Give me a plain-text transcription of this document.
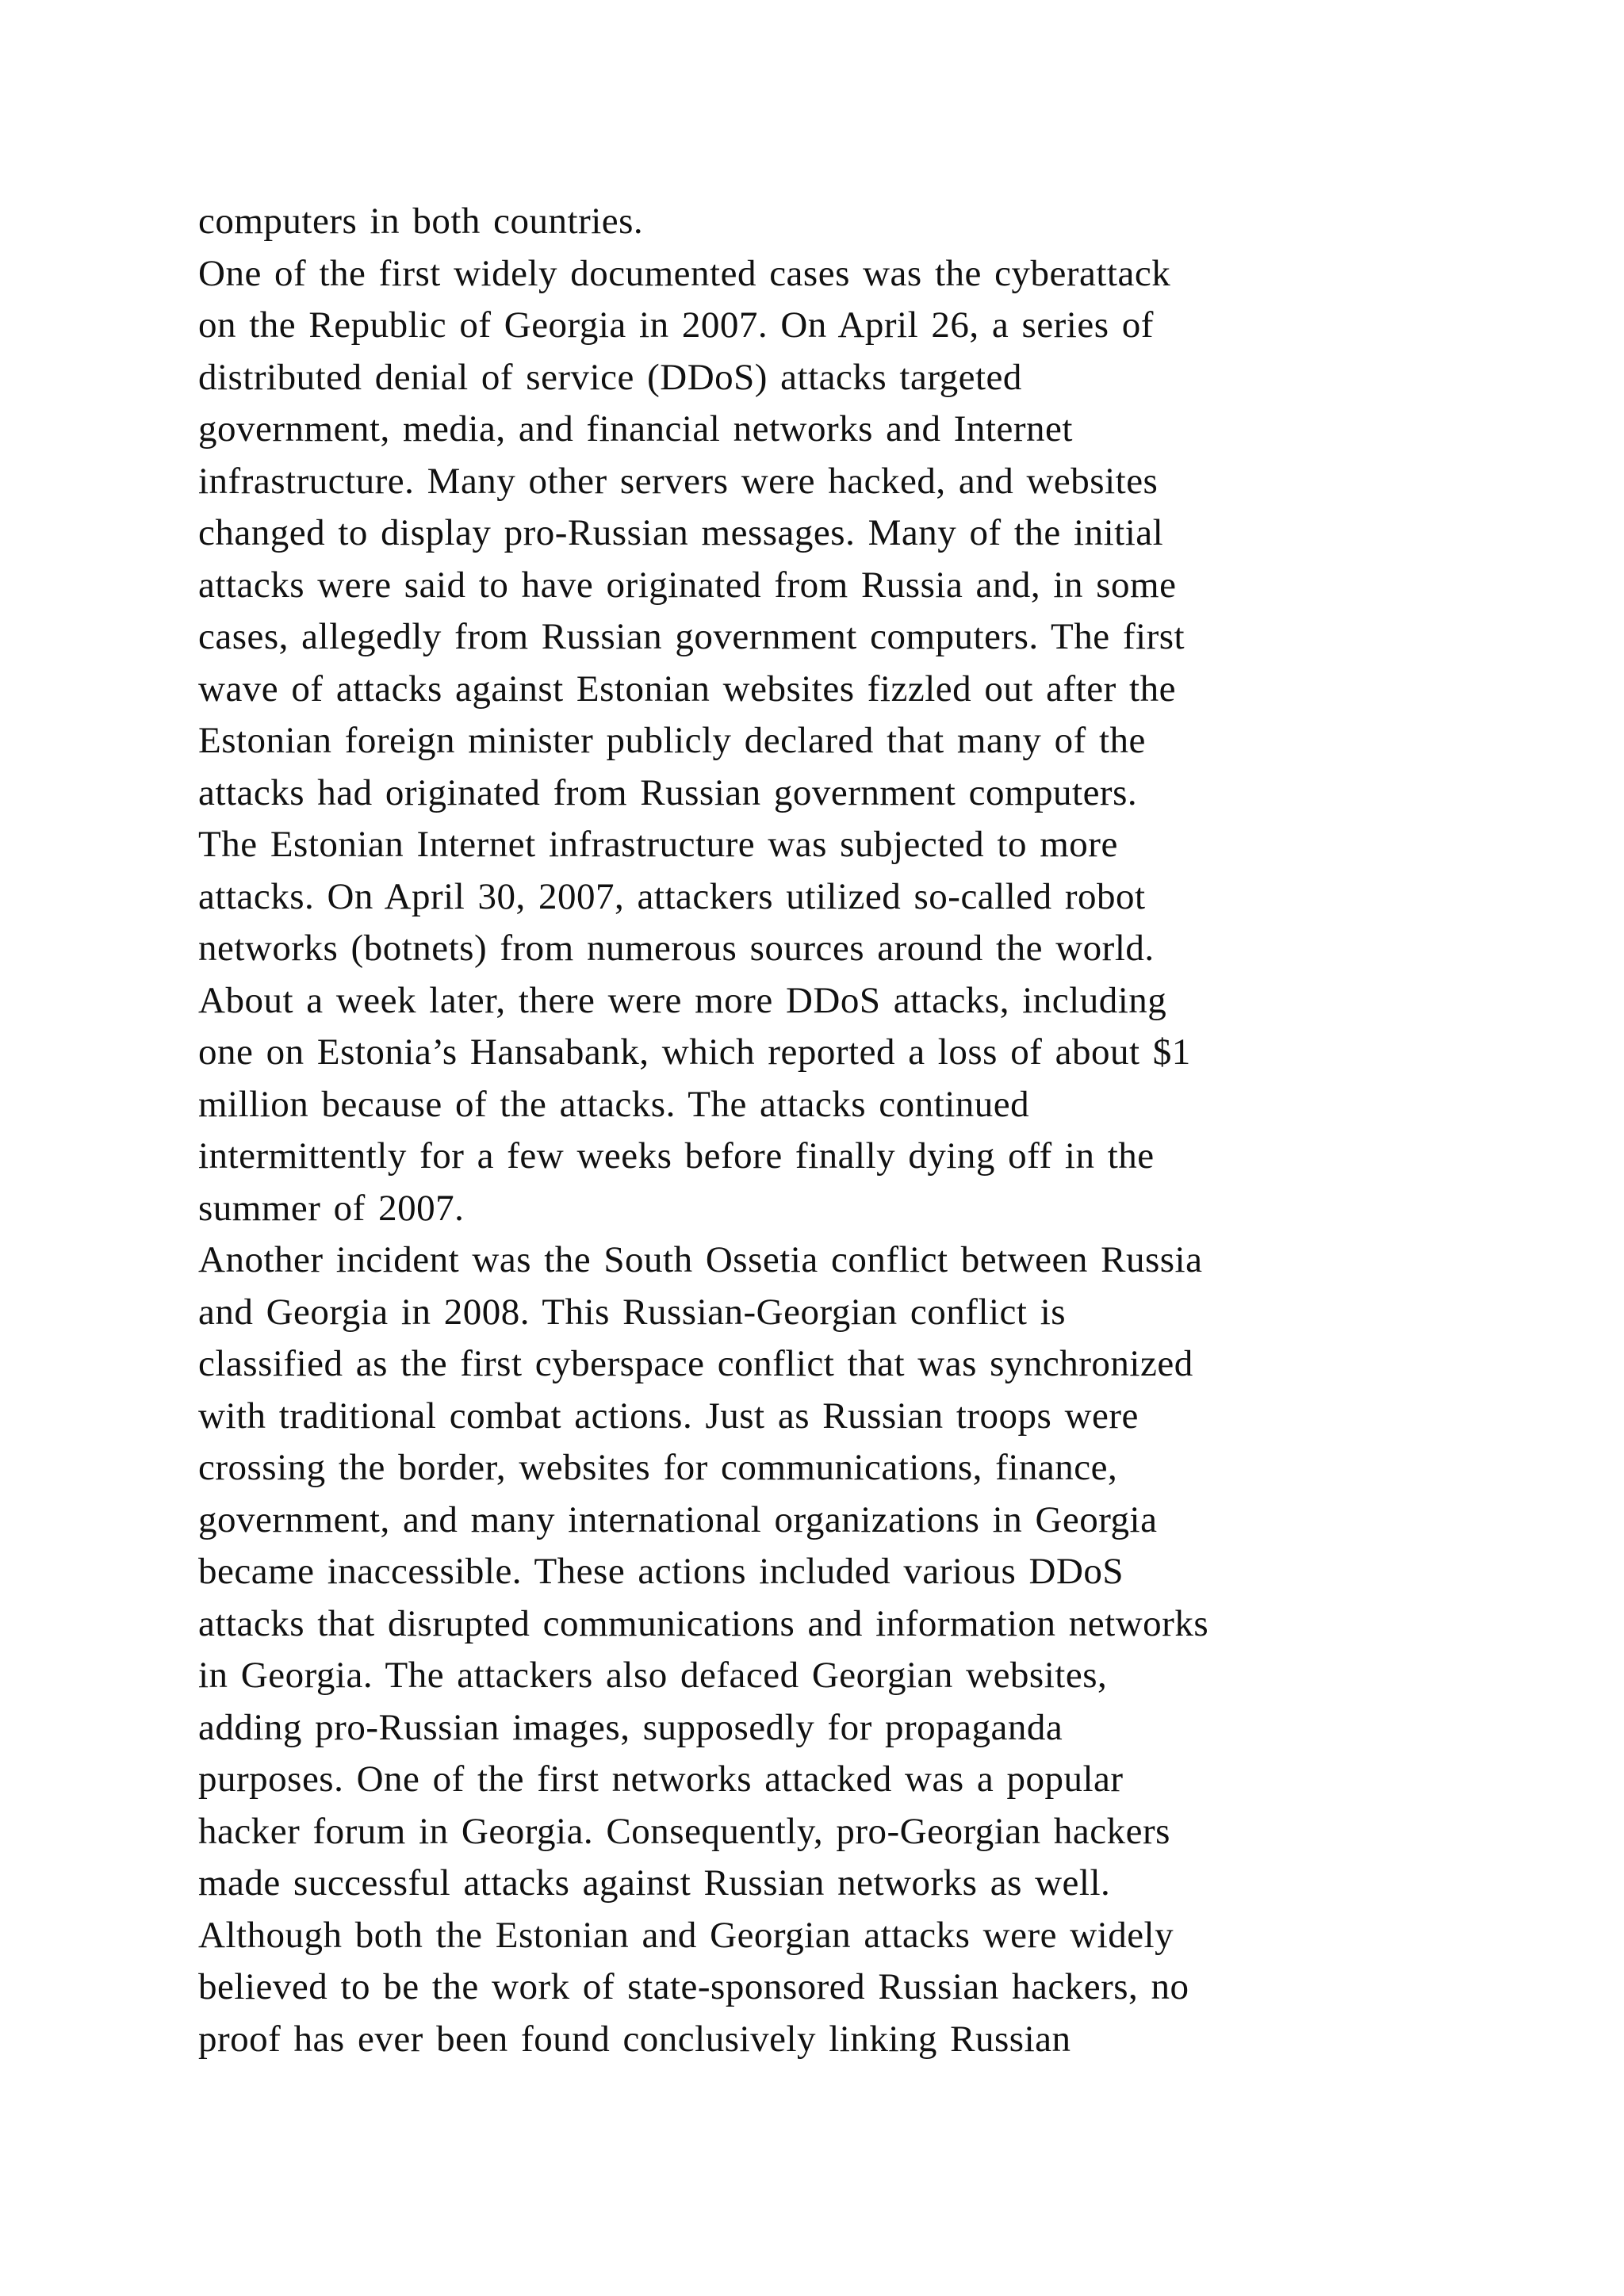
computers in both countries.
One of the first widely documented cases was the cyberattack
on the Republic of Georgia in 2007. On April 26, a series of
distributed denial of service (DDoS) attacks targeted
government, media, and financial networks and Internet
infrastructure. Many other servers were hacked, and websites
changed to display pro-Russian messages. Many of the initial
attacks were said to have originated from Russia and, in some
cases, allegedly from Russian government computers. The first
wave of attacks against Estonian websites fizzled out after the
Estonian foreign minister publicly declared that many of the
attacks had originated from Russian government computers.
The Estonian Internet infrastructure was subjected to more
attacks. On April 30, 2007, attackers utilized so-called robot
networks (botnets) from numerous sources around the world.
About a week later, there were more DDoS attacks, including
one on Estonia’s Hansabank, which reported a loss of about $1
million because of the attacks. The attacks continued
intermittently for a few weeks before finally dying off in the
summer of 2007.
Another incident was the South Ossetia conflict between Russia
and Georgia in 2008. This Russian-Georgian conflict is
classified as the first cyberspace conflict that was synchronized
with traditional combat actions. Just as Russian troops were
crossing the border, websites for communications, finance,
government, and many international organizations in Georgia
became inaccessible. These actions included various DDoS
attacks that disrupted communications and information networks
in Georgia. The attackers also defaced Georgian websites,
adding pro-Russian images, supposedly for propaganda
purposes. One of the first networks attacked was a popular
hacker forum in Georgia. Consequently, pro-Georgian hackers
made successful attacks against Russian networks as well.
Although both the Estonian and Georgian attacks were widely
believed to be the work of state-sponsored Russian hackers, no
proof has ever been found conclusively linking Russian
